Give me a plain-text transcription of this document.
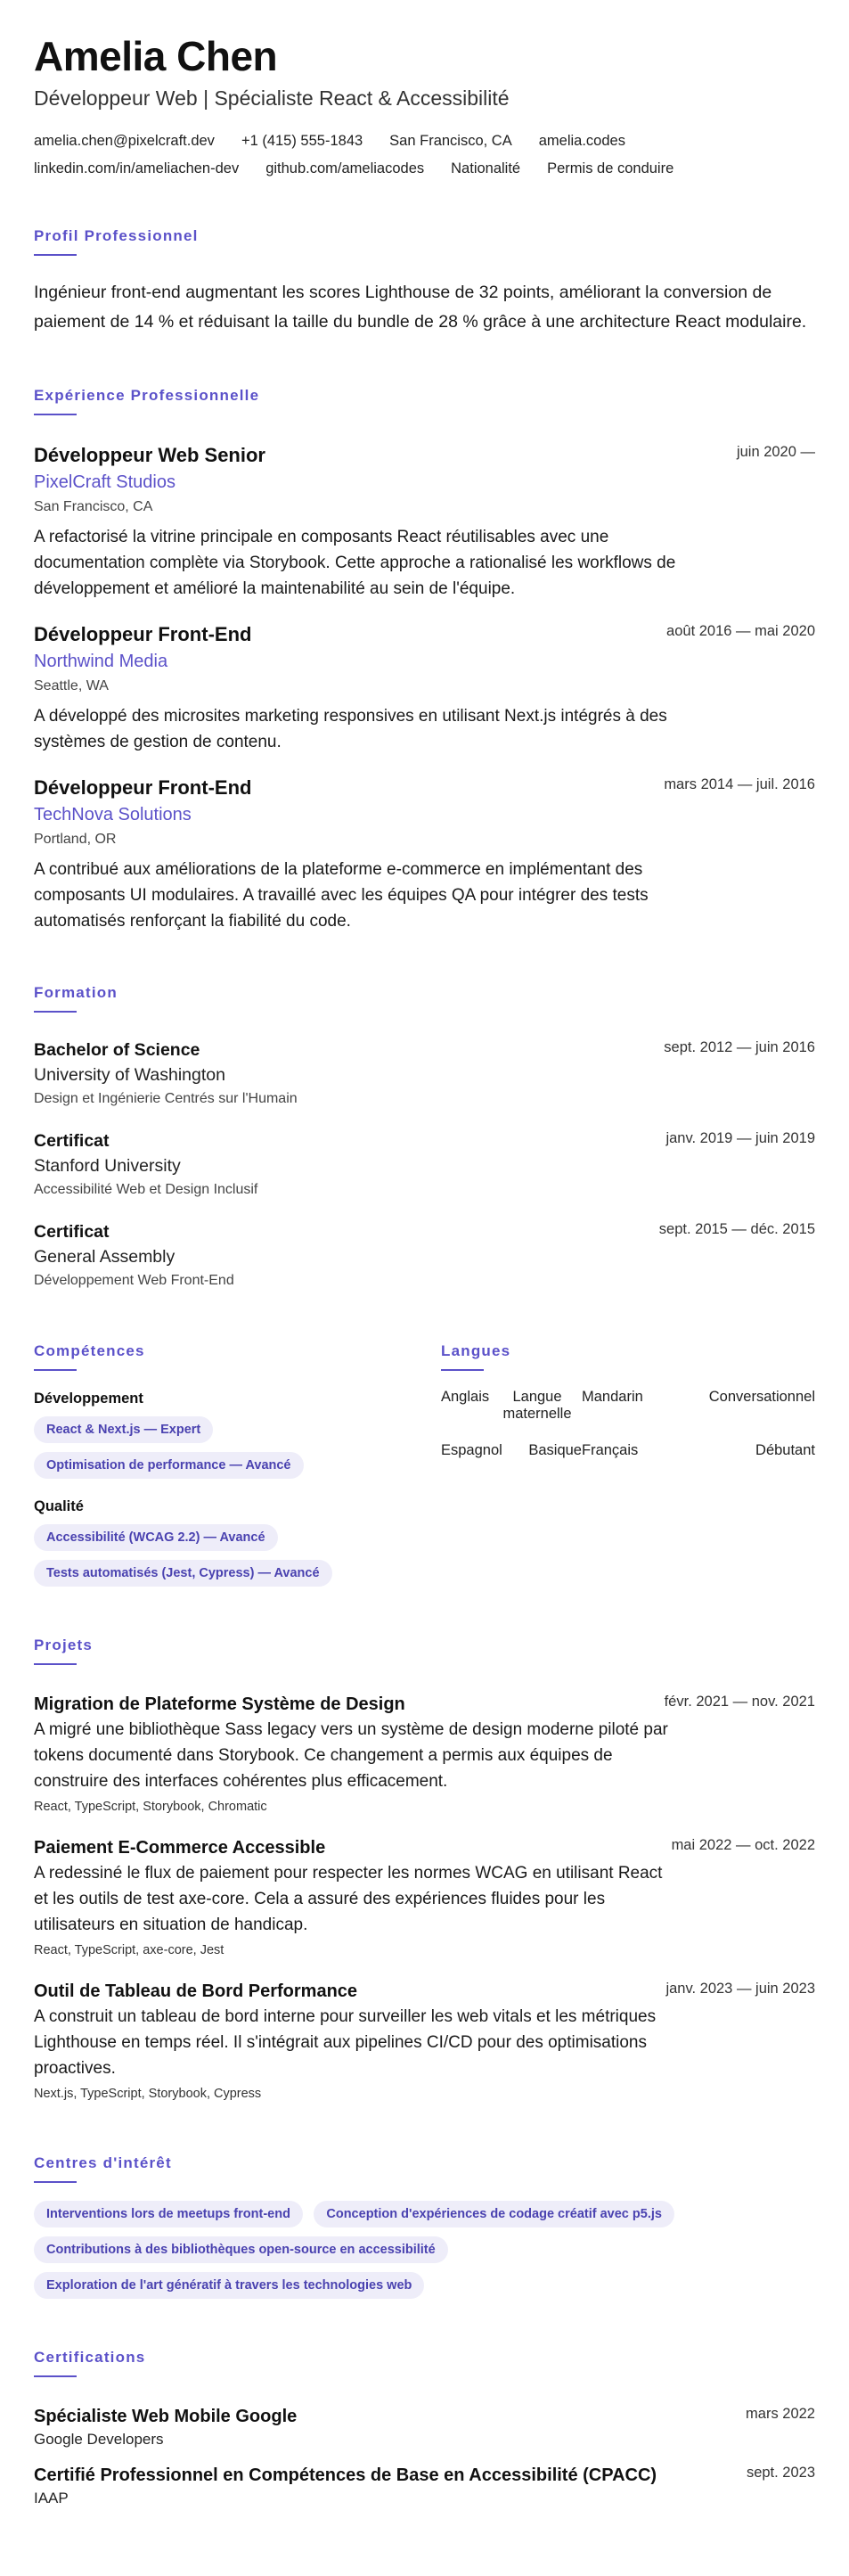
Amelia Chen
Développeur Web | Spécialiste React & Accessibilité
amelia.chen@pixelcraft.dev +1 (415) 555-1843 San Francisco, CA amelia.codes
linkedin.com/in/ameliachen-dev github.com/ameliacodes Nationalité Permis de conduire
Profil Professionnel

Ingénieur front-end augmentant les scores Lighthouse de 32 points, améliorant la conversion de paiement de 14 % et réduisant la taille du bundle de 28 % grâce à une architecture React modulaire.

Expérience Professionnelle
juin 2020 —
Développeur Web Senior
PixelCraft Studios
San Francisco, CA

A refactorisé la vitrine principale en composants React réutilisables avec une documentation complète via Storybook. Cette approche a rationalisé les workflows de développement et amélioré la maintenabilité au sein de l'équipe.

août 2016 — mai 2020
Développeur Front-End
Northwind Media
Seattle, WA

A développé des microsites marketing responsives en utilisant Next.js intégrés à des systèmes de gestion de contenu.

mars 2014 — juil. 2016
Développeur Front-End
TechNova Solutions
Portland, OR

A contribué aux améliorations de la plateforme e-commerce en implémentant des composants UI modulaires. A travaillé avec les équipes QA pour intégrer des tests automatisés renforçant la fiabilité du code.

Formation
sept. 2012 — juin 2016
Bachelor of Science
University of Washington
Design et Ingénierie Centrés sur l'Humain
janv. 2019 — juin 2019
Certificat
Stanford University
Accessibilité Web et Design Inclusif
sept. 2015 — déc. 2015
Certificat
General Assembly
Développement Web Front-End
Compétences
Développement
React & Next.js — Expert
Optimisation de performance — Avancé
Qualité
Accessibilité (WCAG 2.2) — Avancé
Tests automatisés (Jest, Cypress) — Avancé
Langues
Anglais	Langue maternelle
Mandarin	Conversationnel
Espagnol	Basique Français	Débutant
Projets
févr. 2021 — nov. 2021
Migration de Plateforme Système de Design

A migré une bibliothèque Sass legacy vers un système de design moderne piloté par tokens documenté dans Storybook. Ce changement a permis aux équipes de construire des interfaces cohérentes plus efficacement.

React, TypeScript, Storybook, Chromatic
mai 2022 — oct. 2022
Paiement E-Commerce Accessible

A redessiné le flux de paiement pour respecter les normes WCAG en utilisant React et les outils de test axe-core. Cela a assuré des expériences fluides pour les utilisateurs en situation de handicap.

React, TypeScript, axe-core, Jest
janv. 2023 — juin 2023
Outil de Tableau de Bord Performance

A construit un tableau de bord interne pour surveiller les web vitals et les métriques Lighthouse en temps réel. Il s'intégrait aux pipelines CI/CD pour des optimisations proactives.

Next.js, TypeScript, Storybook, Cypress
Centres d'intérêt
Interventions lors de meetups front-end	Conception d'expériences de codage créatif avec p5.js
Contributions à des bibliothèques open-source en accessibilité
Exploration de l'art génératif à travers les technologies web
Certifications
mars 2022
Spécialiste Web Mobile Google
Google Developers
sept. 2023
Certifié Professionnel en Compétences de Base en Accessibilité (CPACC)
IAAP
